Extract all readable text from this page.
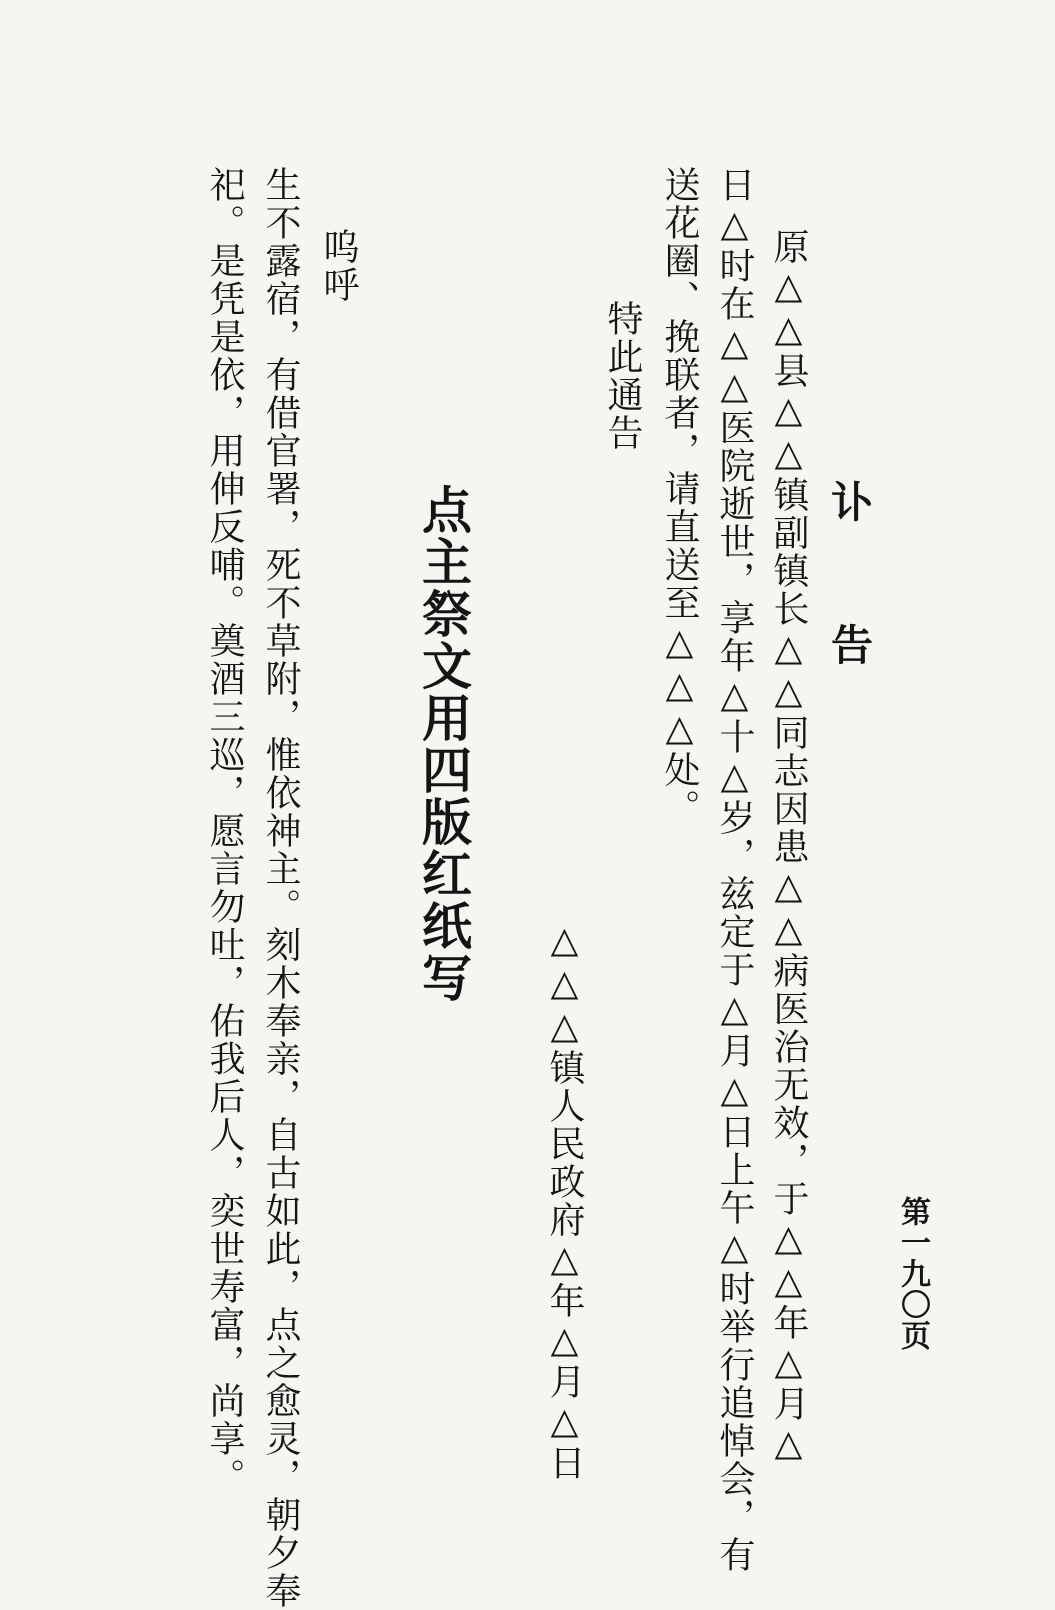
第一九〇页
讣 告

原△△县△△镇副镇长△△同志因患△△病医治无效，于△△年△月△

日△时在△△医院逝世，享年△十△岁，兹定于△月△日上午△时举行追悼会，有

送花圈、挽联者，请直送至△△△处。

特此通告

△△△镇人民政府△年△月△日

点主祭文用四版红纸写

呜呼

生不露宿，有借官署，死不草附，惟依神主。刻木奉亲，自古如此，点之愈灵，朝夕奉

祀。是凭是依，用伸反哺。奠酒三巡，愿言勿吐，佑我后人，奕世寿富，尚享。
